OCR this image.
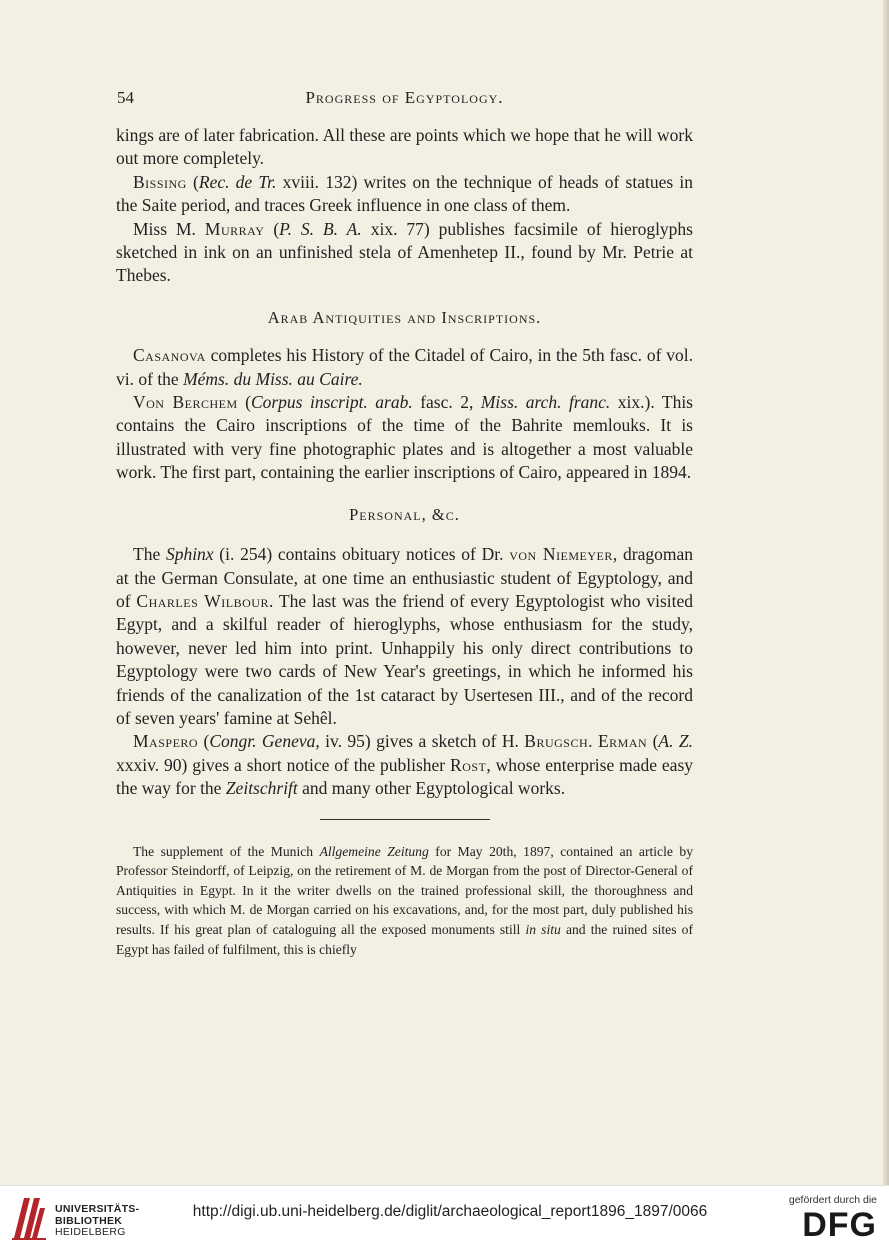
54	Progress of Egyptology.

kings are of later fabrication. All these are points which we hope that he will work out more completely.

Bissing (Rec. de Tr. xviii. 132) writes on the technique of heads of statues in the Saite period, and traces Greek influence in one class of them.

Miss M. Murray (P. S. B. A. xix. 77) publishes facsimile of hieroglyphs sketched in ink on an unfinished stela of Amenhetep II., found by Mr. Petrie at Thebes.

Arab Antiquities and Inscriptions.

Casanova completes his History of the Citadel of Cairo, in the 5th fasc. of vol. vi. of the Méms. du Miss. au Caire.

Von Berchem (Corpus inscript. arab. fasc. 2, Miss. arch. franc. xix.). This contains the Cairo inscriptions of the time of the Bahrite memlouks. It is illustrated with very fine photographic plates and is altogether a most valuable work. The first part, containing the earlier inscriptions of Cairo, appeared in 1894.

Personal, &c.

The Sphinx (i. 254) contains obituary notices of Dr. von Niemeyer, dragoman at the German Consulate, at one time an enthusiastic student of Egyptology, and of Charles Wilbour. The last was the friend of every Egyptologist who visited Egypt, and a skilful reader of hieroglyphs, whose enthusiasm for the study, however, never led him into print. Unhappily his only direct contributions to Egyptology were two cards of New Year's greetings, in which he informed his friends of the canalization of the 1st cataract by Usertesen III., and of the record of seven years' famine at Sehêl.

Maspero (Congr. Geneva, iv. 95) gives a sketch of H. Brugsch. Erman (A. Z. xxxiv. 90) gives a short notice of the publisher Rost, whose enterprise made easy the way for the Zeitschrift and many other Egyptological works.

The supplement of the Munich Allgemeine Zeitung for May 20th, 1897, contained an article by Professor Steindorff, of Leipzig, on the retirement of M. de Morgan from the post of Director-General of Antiquities in Egypt. In it the writer dwells on the trained professional skill, the thoroughness and success, with which M. de Morgan carried on his excavations, and, for the most part, duly published his results. If his great plan of cataloguing all the exposed monuments still in situ and the ruined sites of Egypt has failed of fulfilment, this is chiefly

UNIVERSITÄTS-
BIBLIOTHEK
HEIDELBERG
http://digi.ub.uni-heidelberg.de/diglit/archaeological_report1896_1897/0066
gefördert durch die
DFG
